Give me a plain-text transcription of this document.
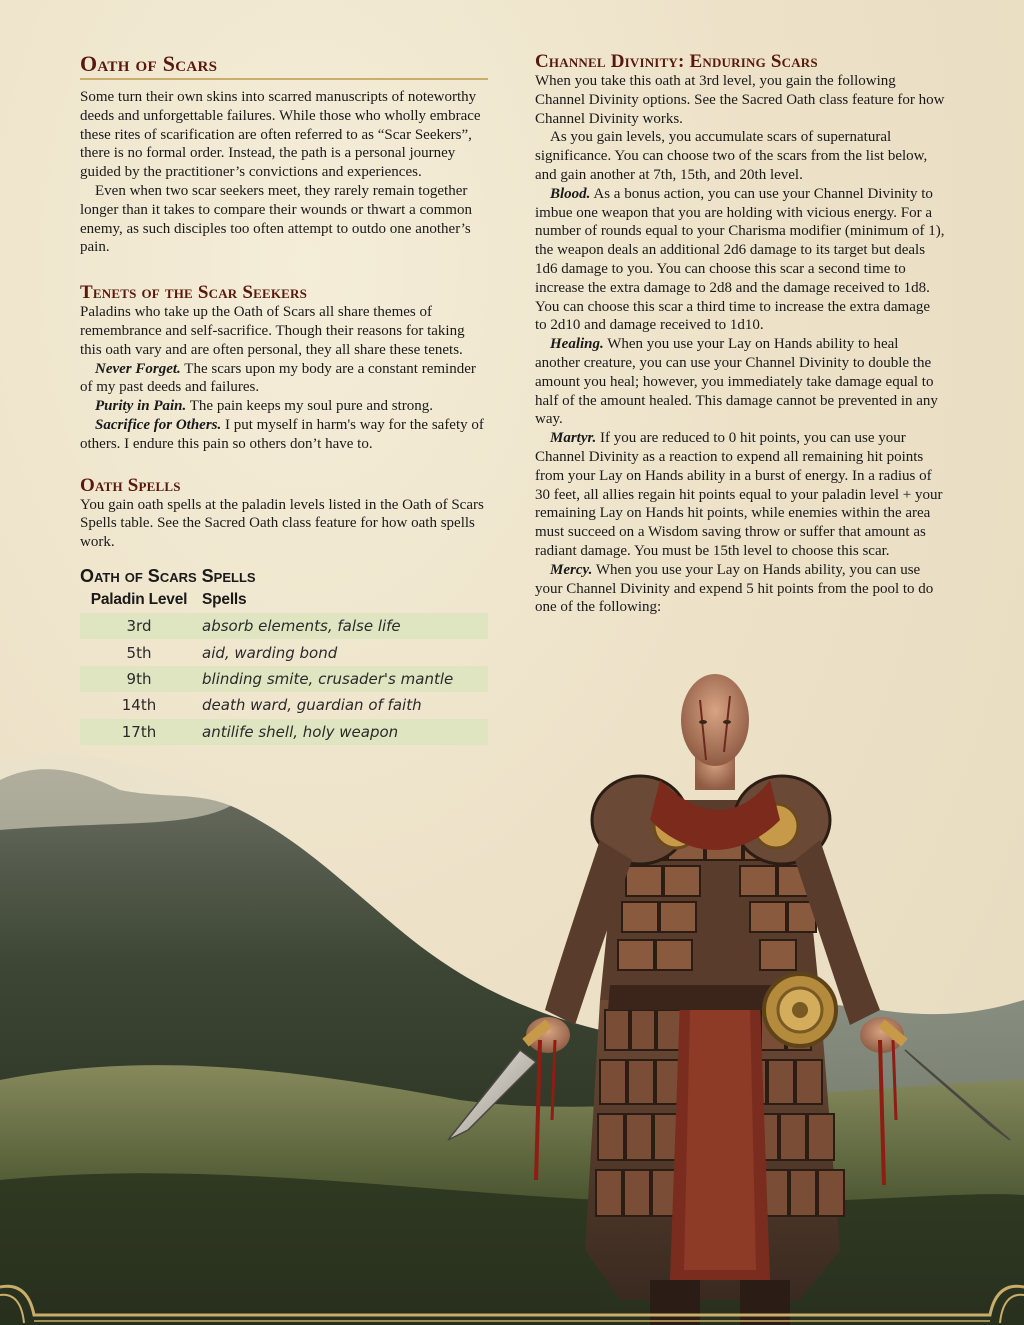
Oath of Scars

Some turn their own skins into scarred manuscripts of noteworthy deeds and unforgettable failures. While those who wholly embrace these rites of scarification are often referred to as “Scar Seekers”, there is no formal order. Instead, the path is a personal journey guided by the practitioner’s convictions and experiences.

Even when two scar seekers meet, they rarely remain together longer than it takes to compare their wounds or thwart a common enemy, as such disciples too often attempt to outdo one another’s pain.

Tenets of the Scar Seekers

Paladins who take up the Oath of Scars all share themes of remembrance and self-sacrifice. Though their reasons for taking this oath vary and are often personal, they all share these tenets.

Never Forget. The scars upon my body are a constant reminder of my past deeds and failures.

Purity in Pain. The pain keeps my soul pure and strong.

Sacrifice for Others. I put myself in harm's way for the safety of others. I endure this pain so others don’t have to.

Oath Spells

You gain oath spells at the paladin levels listed in the Oath of Scars Spells table. See the Sacred Oath class feature for how oath spells work.

Oath of Scars Spells
Paladin Level	Spells
3rd	absorb elements, false life
5th	aid, warding bond
9th	blinding smite, crusader's mantle
14th	death ward, guardian of faith
17th	antilife shell, holy weapon
Channel Divinity: Enduring Scars

When you take this oath at 3rd level, you gain the following Channel Divinity options. See the Sacred Oath class feature for how Channel Divinity works.

As you gain levels, you accumulate scars of supernatural significance. You can choose two of the scars from the list below, and gain another at 7th, 15th, and 20th level.

Blood. As a bonus action, you can use your Channel Divinity to imbue one weapon that you are holding with vicious energy. For a number of rounds equal to your Charisma modifier (minimum of 1), the weapon deals an additional 2d6 damage to its target but deals 1d6 damage to you. You can choose this scar a second time to increase the extra damage to 2d8 and the damage received to 1d8. You can choose this scar a third time to increase the extra damage to 2d10 and damage received to 1d10.

Healing. When you use your Lay on Hands ability to heal another creature, you can use your Channel Divinity to double the amount you heal; however, you immediately take damage equal to half of the amount healed. This damage cannot be prevented in any way.

Martyr. If you are reduced to 0 hit points, you can use your Channel Divinity as a reaction to expend all remaining hit points from your Lay on Hands ability in a burst of energy. In a radius of 30 feet, all allies regain hit points equal to your paladin level + your remaining Lay on Hands hit points, while enemies within the area must succeed on a Wisdom saving throw or suffer that amount as radiant damage. You must be 15th level to choose this scar.

Mercy. When you use your Lay on Hands ability, you can use your Channel Divinity and expend 5 hit points from the pool to do one of the following:
